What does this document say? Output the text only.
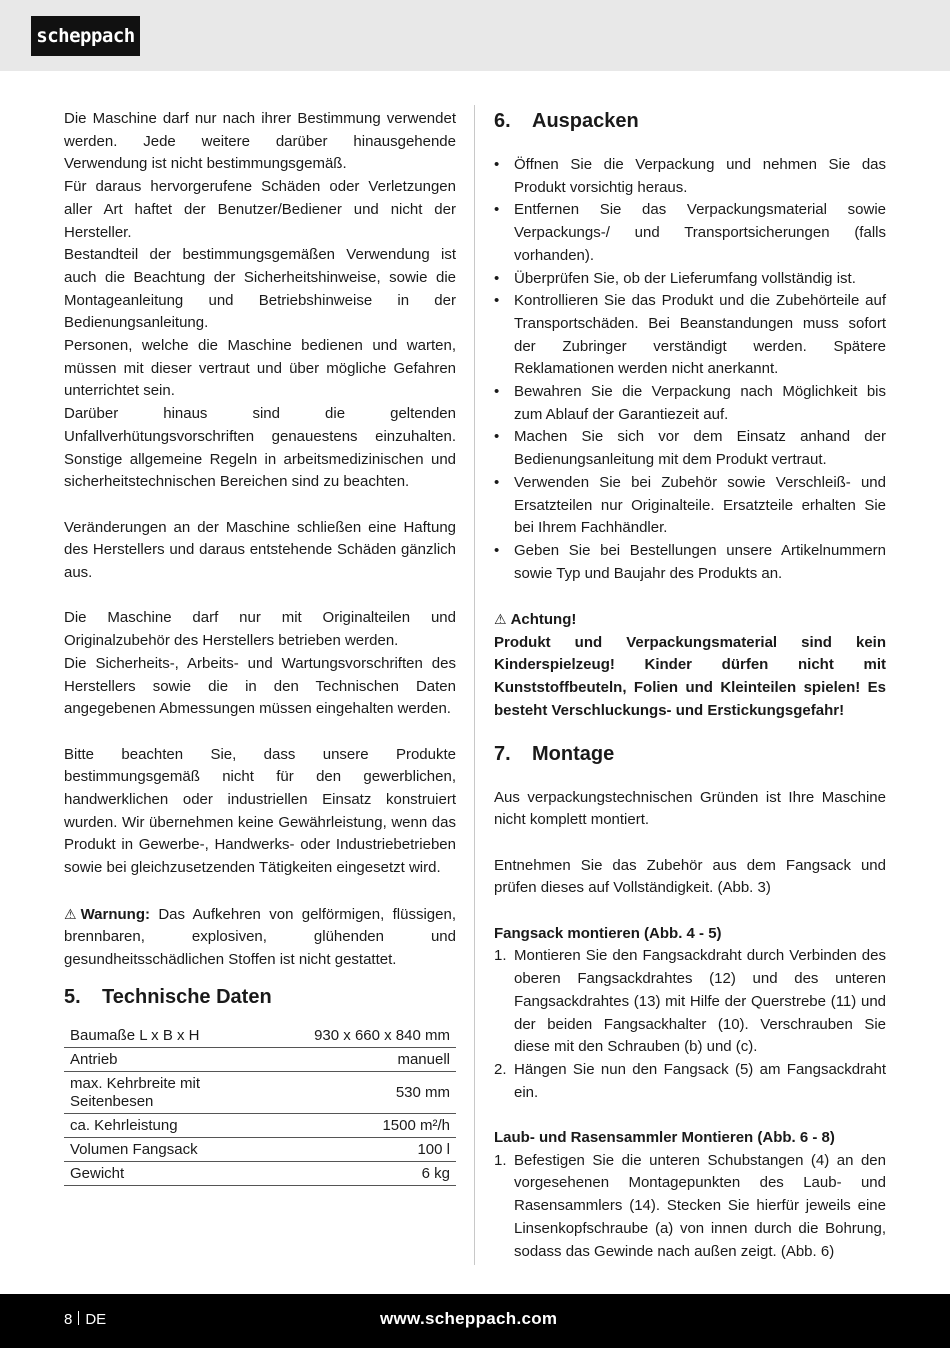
scheppach

Die Maschine darf nur nach ihrer Bestimmung verwendet werden. Jede weitere darüber hinausgehende Verwendung ist nicht bestimmungsgemäß.

Für daraus hervorgerufene Schäden oder Verletzungen aller Art haftet der Benutzer/Bediener und nicht der Hersteller.

Bestandteil der bestimmungsgemäßen Verwendung ist auch die Beachtung der Sicherheitshinweise, sowie die Montageanleitung und Betriebshinweise in der Bedienungsanleitung.

Personen, welche die Maschine bedienen und warten, müssen mit dieser vertraut und über mögliche Gefahren unterrichtet sein.

Darüber hinaus sind die geltenden Unfallverhütungsvorschriften genauestens einzuhalten. Sonstige allgemeine Regeln in arbeitsmedizinischen und sicherheitstechnischen Bereichen sind zu beachten.

Veränderungen an der Maschine schließen eine Haftung des Herstellers und daraus entstehende Schäden gänzlich aus.

Die Maschine darf nur mit Originalteilen und Originalzubehör des Herstellers betrieben werden.

Die Sicherheits-, Arbeits- und Wartungsvorschriften des Herstellers sowie die in den Technischen Daten angegebenen Abmessungen müssen eingehalten werden.

Bitte beachten Sie, dass unsere Produkte bestimmungsgemäß nicht für den gewerblichen, handwerklichen oder industriellen Einsatz konstruiert wurden. Wir übernehmen keine Gewährleistung, wenn das Produkt in Gewerbe-, Handwerks- oder Industriebetrieben sowie bei gleichzusetzenden Tätigkeiten eingesetzt wird.

⚠ Warnung: Das Aufkehren von gelförmigen, flüssigen, brennbaren, explosiven, glühenden und gesundheitsschädlichen Stoffen ist nicht gestattet.

5. Technische Daten
Baumaße L x B x H	930 x 660 x 840 mm
Antrieb	manuell
max. Kehrbreite mit Seitenbesen	530 mm
ca. Kehrleistung	1500 m²/h
Volumen Fangsack	100 l
Gewicht	6 kg
6. Auspacken
• Öffnen Sie die Verpackung und nehmen Sie das Produkt vorsichtig heraus.
• Entfernen Sie das Verpackungsmaterial sowie Verpackungs-/ und Transportsicherungen (falls vorhanden).
• Überprüfen Sie, ob der Lieferumfang vollständig ist.
• Kontrollieren Sie das Produkt und die Zubehörteile auf Transportschäden. Bei Beanstandungen muss sofort der Zubringer verständigt werden. Spätere Reklamationen werden nicht anerkannt.
• Bewahren Sie die Verpackung nach Möglichkeit bis zum Ablauf der Garantiezeit auf.
• Machen Sie sich vor dem Einsatz anhand der Bedienungsanleitung mit dem Produkt vertraut.
• Verwenden Sie bei Zubehör sowie Verschleiß- und Ersatzteilen nur Originalteile. Ersatzteile erhalten Sie bei Ihrem Fachhändler.
• Geben Sie bei Bestellungen unsere Artikelnummern sowie Typ und Baujahr des Produkts an.

⚠ Achtung!

Produkt und Verpackungsmaterial sind kein Kinderspielzeug! Kinder dürfen nicht mit Kunststoffbeuteln, Folien und Kleinteilen spielen! Es besteht Verschluckungs- und Erstickungsgefahr!

7. Montage

Aus verpackungstechnischen Gründen ist Ihre Maschine nicht komplett montiert.

Entnehmen Sie das Zubehör aus dem Fangsack und prüfen dieses auf Vollständigkeit. (Abb. 3)

Fangsack montieren (Abb. 4 - 5)

1. Montieren Sie den Fangsackdraht durch Verbinden des oberen Fangsackdrahtes (12) und des unteren Fangsackdrahtes (13) mit Hilfe der Querstrebe (11) und der beiden Fangsackhalter (10). Verschrauben Sie diese mit den Schrauben (b) und (c).
2. Hängen Sie nun den Fangsack (5) am Fangsackdraht ein.

Laub- und Rasensammler Montieren (Abb. 6 - 8)

1. Befestigen Sie die unteren Schubstangen (4) an den vorgesehenen Montagepunkten des Laub- und Rasensammlers (14). Stecken Sie hierfür jeweils eine Linsenkopfschraube (a) von innen durch die Bohrung, sodass das Gewinde nach außen zeigt. (Abb. 6)
8 DE	www.scheppach.com
